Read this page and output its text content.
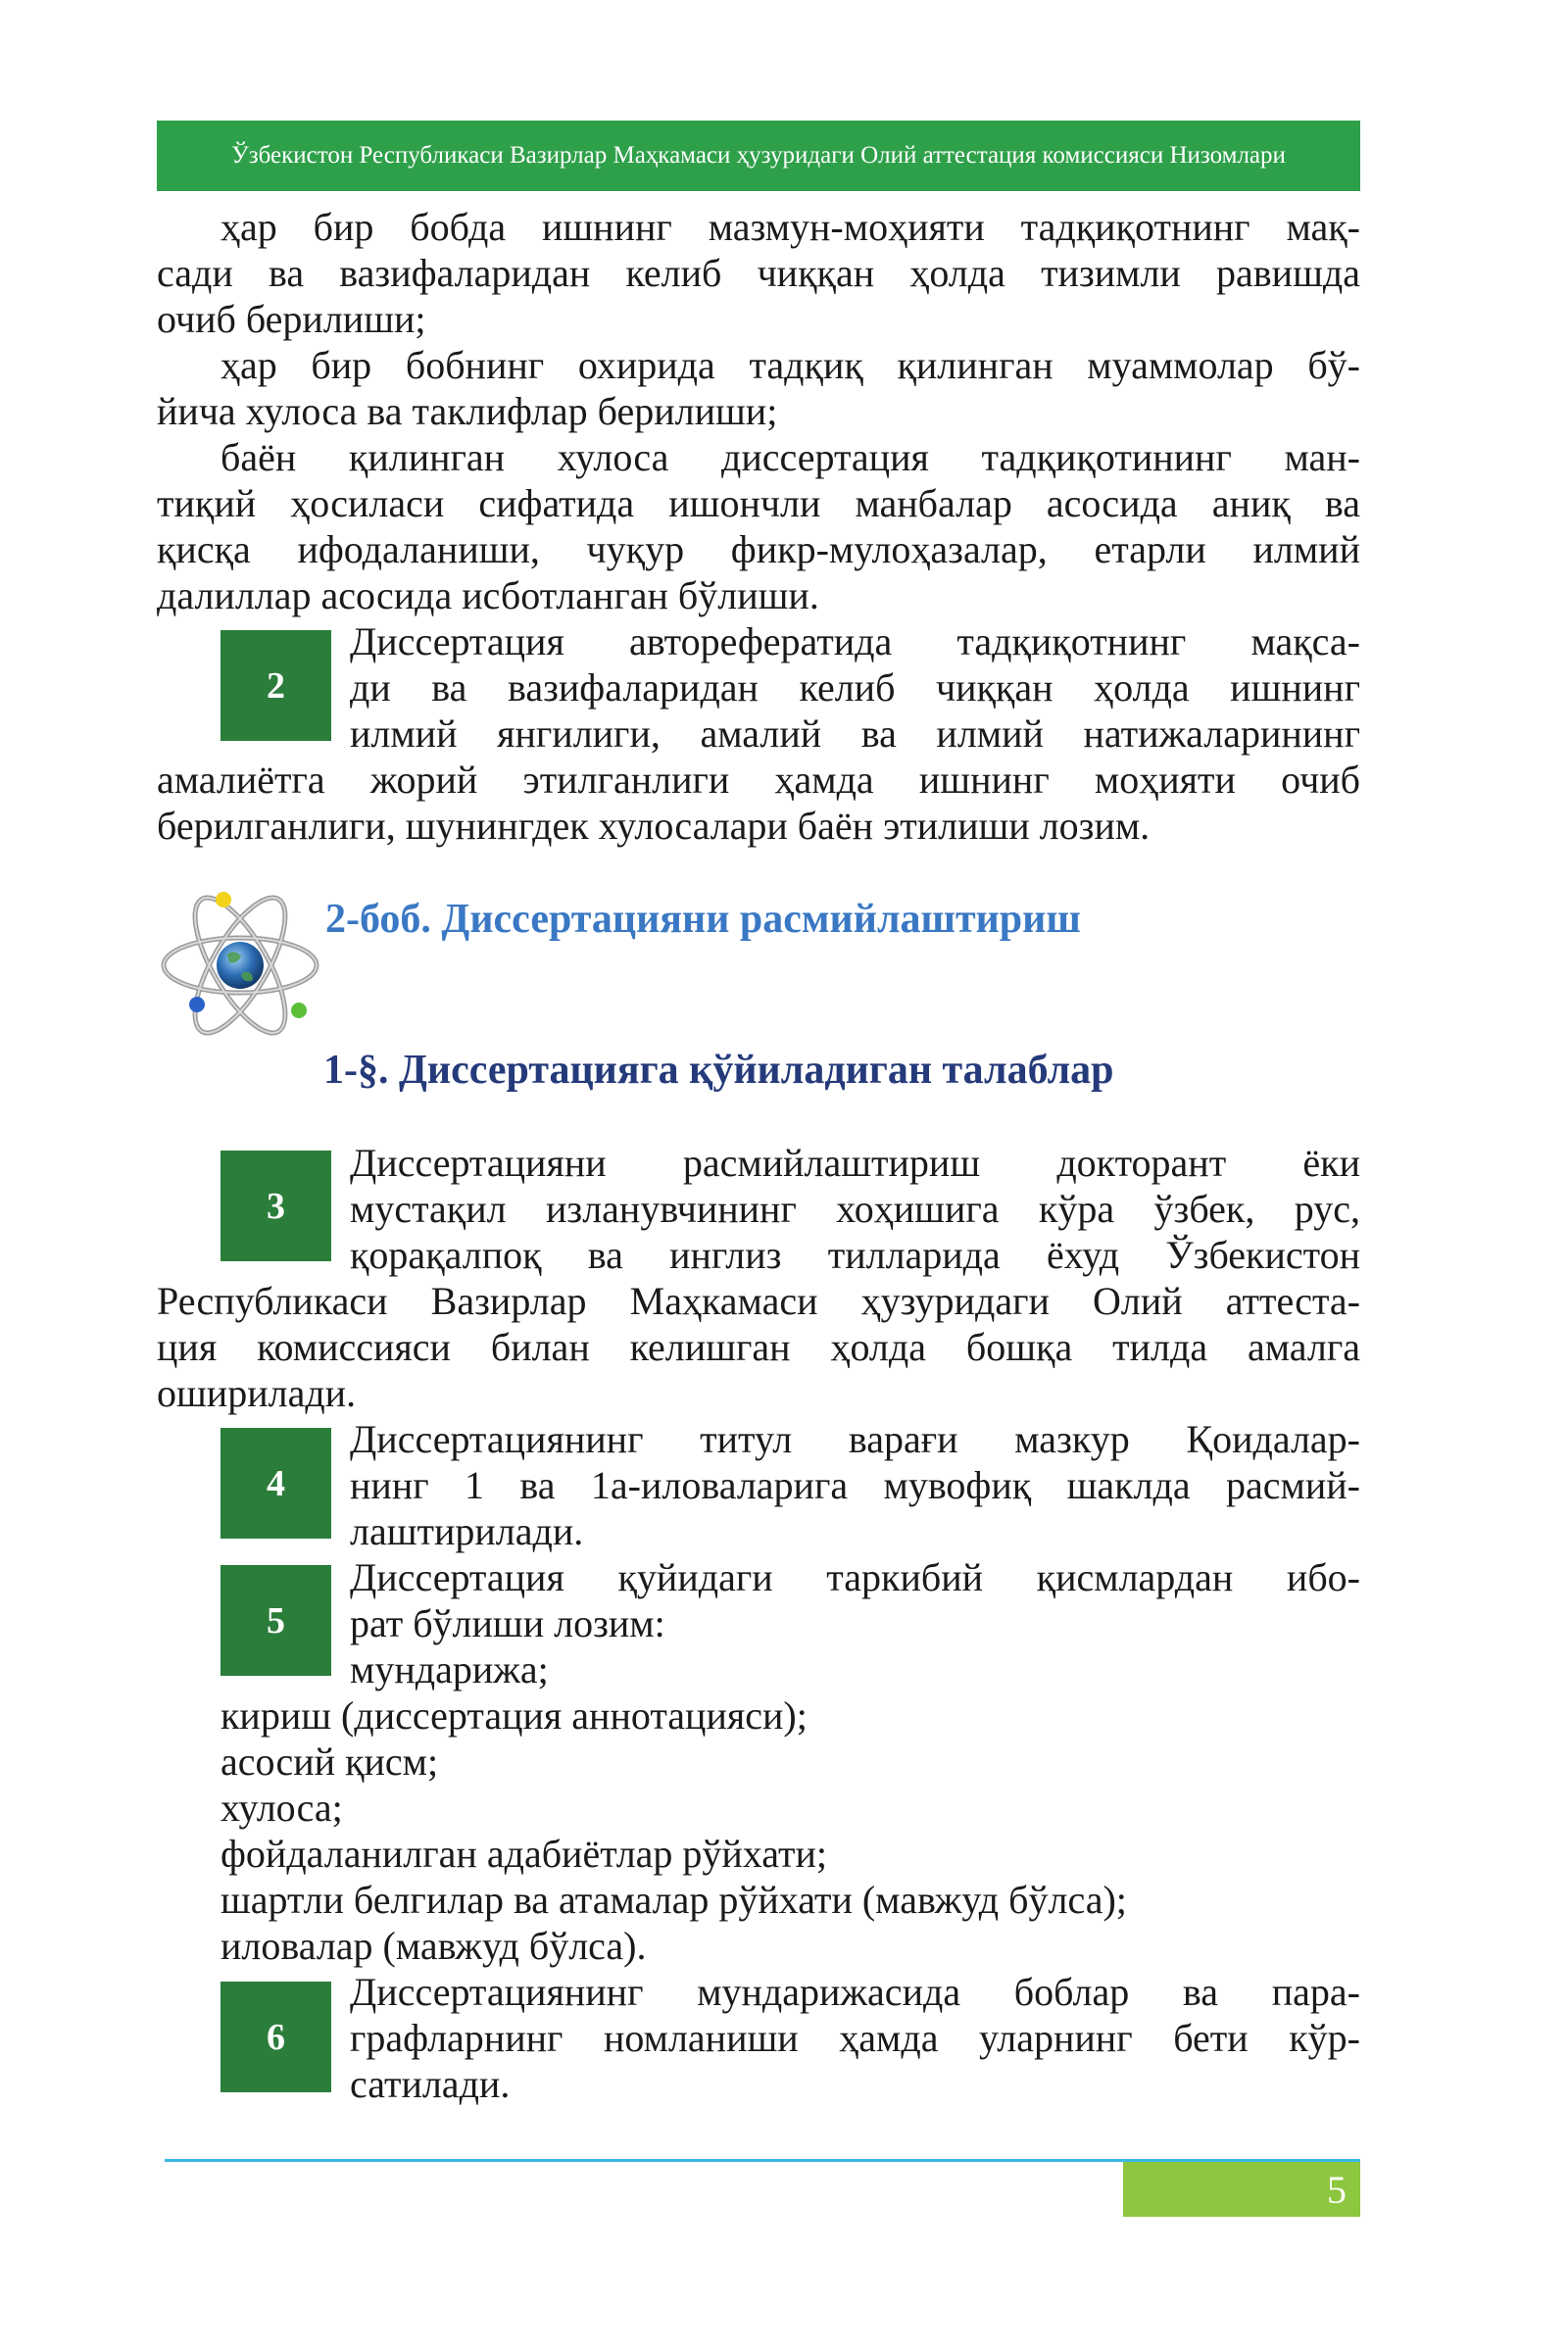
Ўзбекистон Республикаси Вазирлар Маҳкамаси ҳузуридаги Олий аттестация комиссияси Низомлари
ҳар бир бобда ишнинг мазмун-моҳияти тадқиқотнинг мақ-
сади ва вазифаларидан келиб чиққан ҳолда тизимли равишда
очиб берилиши;
ҳар бир бобнинг охирида тадқиқ қилинган муаммолар бў-
йича хулоса ва таклифлар берилиши;
баён қилинган хулоса диссертация тадқиқотининг ман-
тиқий ҳосиласи сифатида ишончли манбалар асосида аниқ ва
қисқа ифодаланиши, чуқур фикр-мулоҳазалар, етарли илмий
далиллар асосида исботланган бўлиши.
2
Диссертация авторефератида тадқиқотнинг мақса-
ди ва вазифаларидан келиб чиққан ҳолда ишнинг
илмий янгилиги, амалий ва илмий натижаларининг
амалиётга жорий этилганлиги ҳамда ишнинг моҳияти очиб
берилганлиги, шунингдек хулосалари баён этилиши лозим.
2-боб. Диссертацияни расмийлаштириш
1-§. Диссертацияга қўйиладиган талаблар
3
Диссертацияни расмийлаштириш докторант ёки
мустақил изланувчининг хоҳишига кўра ўзбек, рус,
қорақалпоқ ва инглиз тилларида ёхуд Ўзбекистон
Республикаси Вазирлар Маҳкамаси ҳузуридаги Олий аттеста-
ция комиссияси билан келишган ҳолда бошқа тилда амалга
оширилади.
4
Диссертациянинг титул варағи мазкур Қоидалар-
нинг 1 ва 1а-иловаларига мувофиқ шаклда расмий-
лаштирилади.
5
Диссертация қуйидаги таркибий қисмлардан ибо-
рат бўлиши лозим:
мундарижа;
кириш (диссертация аннотацияси);
асосий қисм;
хулоса;
фойдаланилган адабиётлар рўйхати;
шартли белгилар ва атамалар рўйхати (мавжуд бўлса);
иловалар (мавжуд бўлса).
6
Диссертациянинг мундарижасида боблар ва пара-
графларнинг номланиши ҳамда уларнинг бети кўр-
сатилади.
5
